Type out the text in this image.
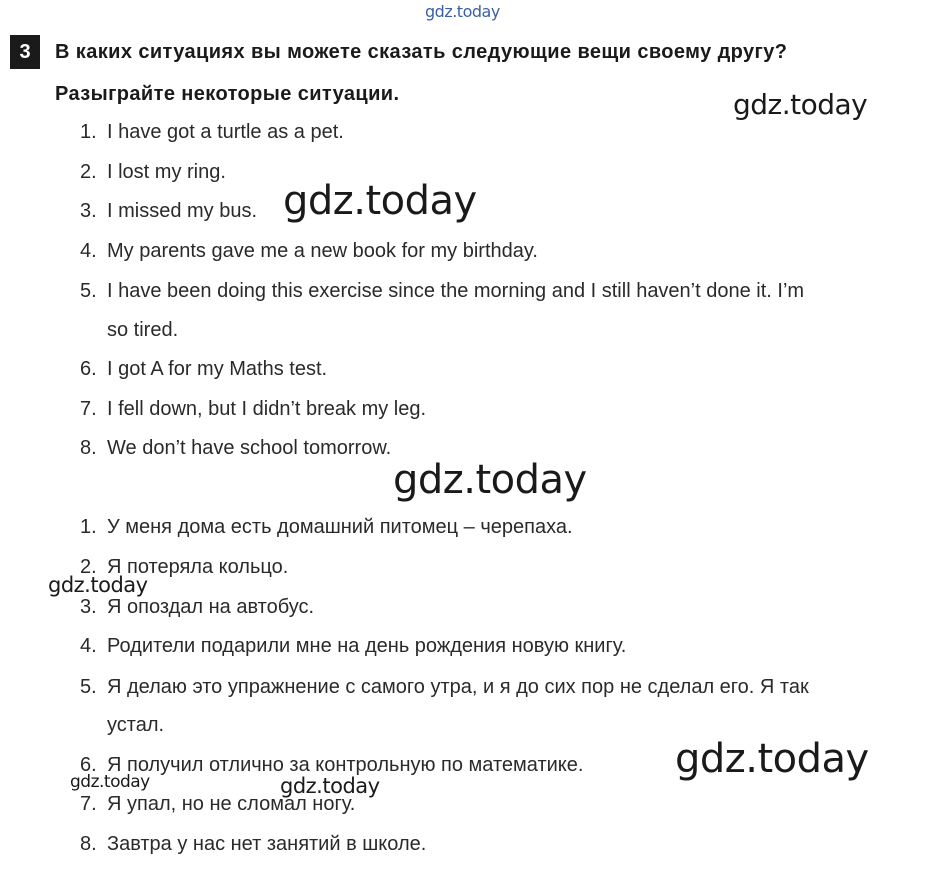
3	В каких ситуациях вы можете сказать следующие вещи своему другу?
Разыграйте некоторые ситуации.
1. I have got a turtle as a pet.
2. I lost my ring.
3. I missed my bus.
4. My parents gave me a new book for my birthday.
5. I have been doing this exercise since the morning and I still haven’t done it. I’m
so tired.
6. I got A for my Maths test.
7. I fell down, but I didn’t break my leg.
8. We don’t have school tomorrow.
1. У меня дома есть домашний питомец – черепаха.
2. Я потеряла кольцо.
3. Я опоздал на автобус.
4. Родители подарили мне на день рождения новую книгу.
5. Я делаю это упражнение с самого утра, и я до сих пор не сделал его. Я так
устал.
6. Я получил отлично за контрольную по математике.
7. Я упал, но не сломал ногу.
8. Завтра у нас нет занятий в школе.
gdz.today
gdz.today
gdz.today
gdz.today
gdz.today
gdz.today
gdz.today	gdz.today
